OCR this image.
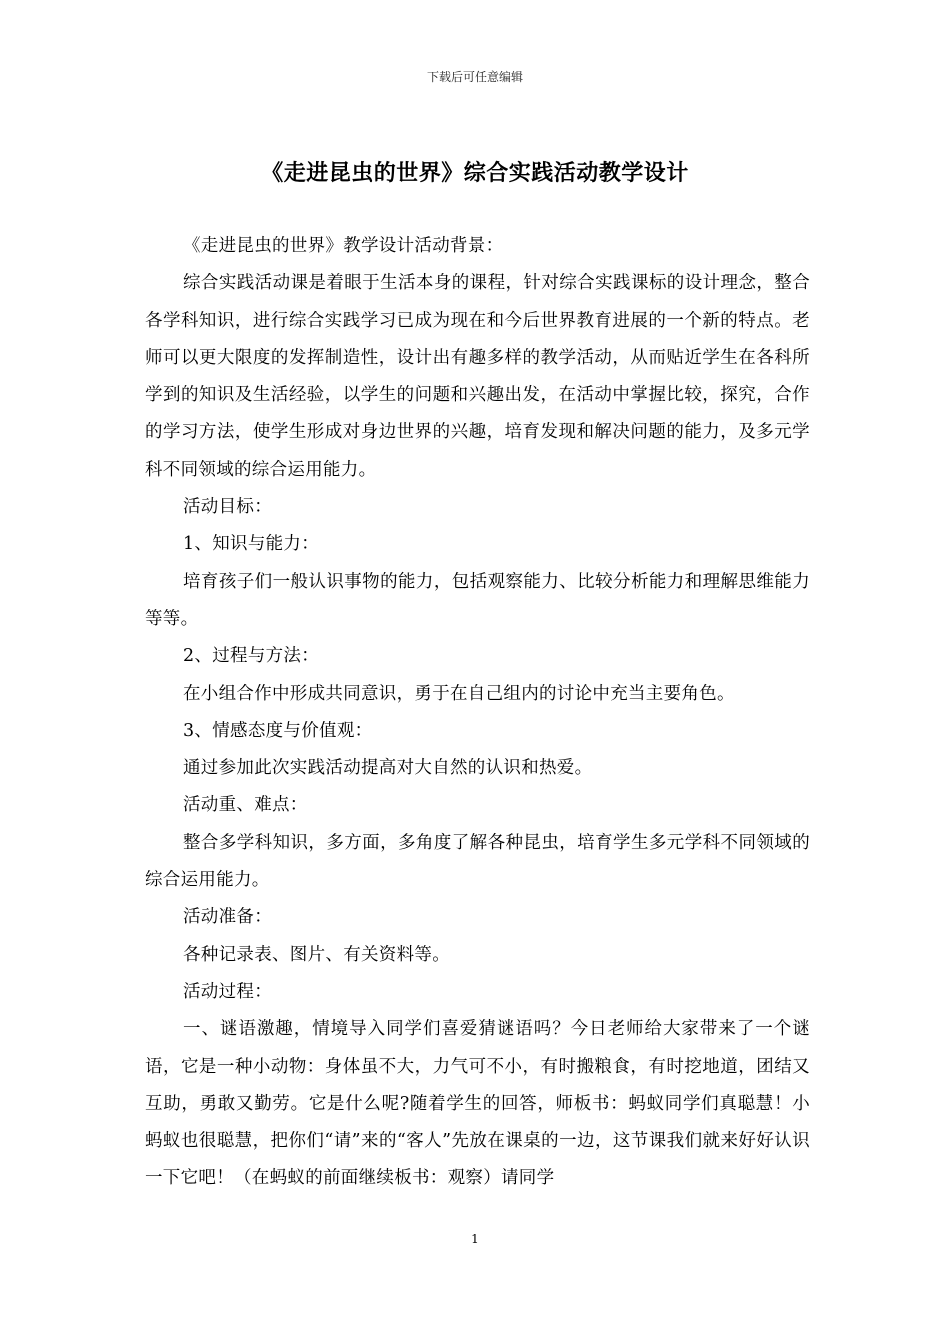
下载后可任意编辑
《走进昆虫的世界》综合实践活动教学设计

《走进昆虫的世界》教学设计活动背景：

综合实践活动课是着眼于生活本身的课程，针对综合实践课标的设计理念，整合各学科知识，进行综合实践学习已成为现在和今后世界教育进展的一个新的特点。老师可以更大限度的发挥制造性，设计出有趣多样的教学活动，从而贴近学生在各科所学到的知识及生活经验，以学生的问题和兴趣出发，在活动中掌握比较，探究，合作的学习方法，使学生形成对身边世界的兴趣，培育发现和解决问题的能力，及多元学科不同领域的综合运用能力。

活动目标：

1、知识与能力：

培育孩子们一般认识事物的能力，包括观察能力、比较分析能力和理解思维能力等等。

2、过程与方法：

在小组合作中形成共同意识，勇于在自己组内的讨论中充当主要角色。

3、情感态度与价值观：

通过参加此次实践活动提高对大自然的认识和热爱。

活动重、难点：

整合多学科知识，多方面，多角度了解各种昆虫，培育学生多元学科不同领域的综合运用能力。

活动准备：

各种记录表、图片、有关资料等。

活动过程：

一、谜语激趣，情境导入同学们喜爱猜谜语吗？今日老师给大家带来了一个谜语，它是一种小动物：身体虽不大，力气可不小，有时搬粮食，有时挖地道，团结又互助，勇敢又勤劳。它是什么呢?随着学生的回答，师板书：蚂蚁同学们真聪慧！小蚂蚁也很聪慧，把你们“请”来的“客人”先放在课桌的一边，这节课我们就来好好认识一下它吧！（在蚂蚁的前面继续板书：观察）请同学

1
